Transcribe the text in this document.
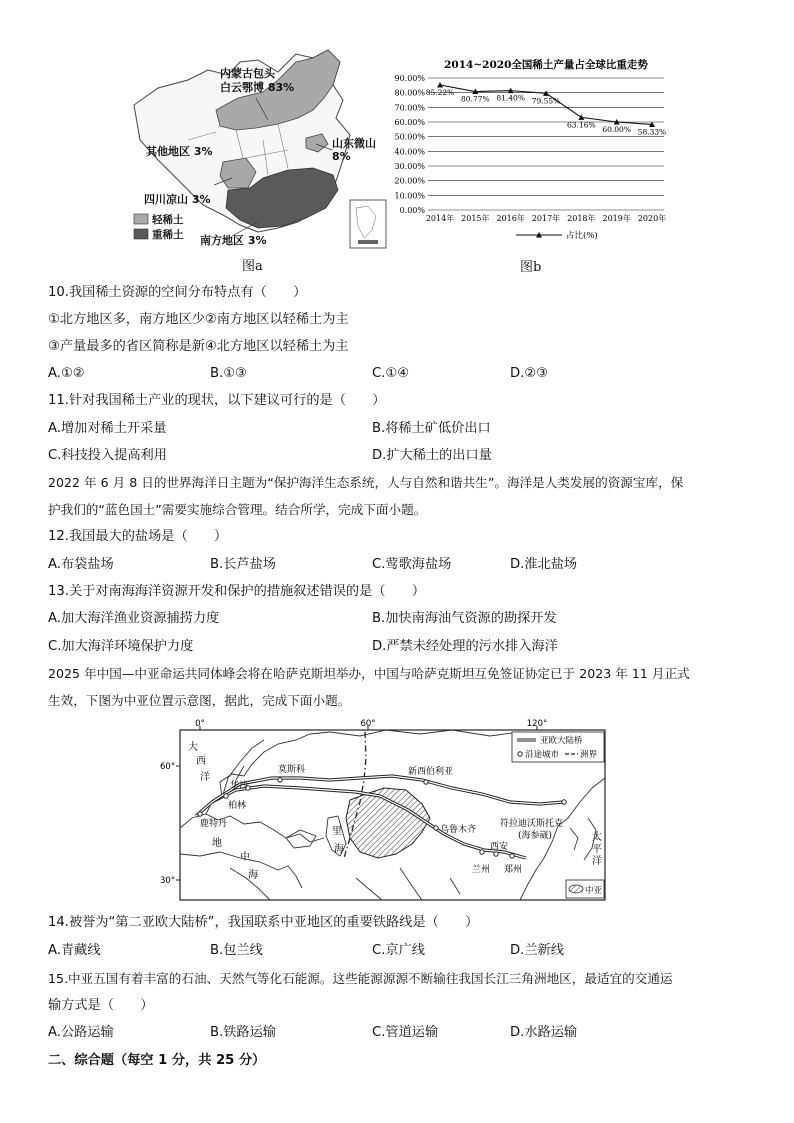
内蒙古包头
白云鄂博 83%
山东微山
8%
其他地区 3%
四川凉山 3%
南方地区 3%
轻稀土
重稀土
图a
2014~2020全国稀土产量占全球比重走势
0.00%
10.00%
20.00%
30.00%
40.00%
50.00%
60.00%
70.00%
80.00%
90.00%
2014年 2015年 2016年 2017年 2018年 2019年 2020年
85.22%
80.77% 81.40% 79.55%
63.16%
60.00% 58.33%
占比(%)
图b
10.我国稀土资源的空间分布特点有（　　）
①北方地区多，南方地区少②南方地区以轻稀土为主
③产量最多的省区简称是新④北方地区以轻稀土为主
A.①②	B.①③	C.①④	D.②③
11.针对我国稀土产业的现状，以下建议可行的是（　　）
A.增加对稀土开采量	B.将稀土矿低价出口
C.科技投入提高利用	D.扩大稀土的出口量
2022 年 6 月 8 日的世界海洋日主题为“保护海洋生态系统，人与自然和谐共生”。海洋是人类发展的资源宝库，保
护我们的“蓝色国土”需要实施综合管理。结合所学，完成下面小题。
12.我国最大的盐场是（　　）
A.布袋盐场	B.长芦盐场	C.莺歌海盐场	D.淮北盐场
13.关于对南海海洋资源开发和保护的措施叙述错误的是（　　）
A.加大海洋渔业资源捕捞力度	B.加快南海油气资源的勘探开发
C.加大海洋环境保护力度	D.严禁未经处理的污水排入海洋
2025 年中国—中亚命运共同体峰会将在哈萨克斯坦举办，中国与哈萨克斯坦互免签证协定已于 2023 年 11 月正式
生效，下图为中亚位置示意图，据此，完成下面小题。
0°	60°	120°
60°
30°
莫斯科
华沙
柏林
鹿特丹
新西伯利亚
乌鲁木齐
符拉迪沃斯托克
(海参崴)
西安
兰州 郑州
大
西
洋
太
平
洋
里
海
地
中
海
亚欧大陆桥
沿途城市 洲界
中亚
14.被誉为“第二亚欧大陆桥”，我国联系中亚地区的重要铁路线是（　　）
A.青藏线	B.包兰线	C.京广线	D.兰新线
15.中亚五国有着丰富的石油、天然气等化石能源。这些能源源源不断输往我国长江三角洲地区，最适宜的交通运
输方式是（　　）
A.公路运输	B.铁路运输	C.管道运输	D.水路运输
二、综合题（每空 1 分，共 25 分）
